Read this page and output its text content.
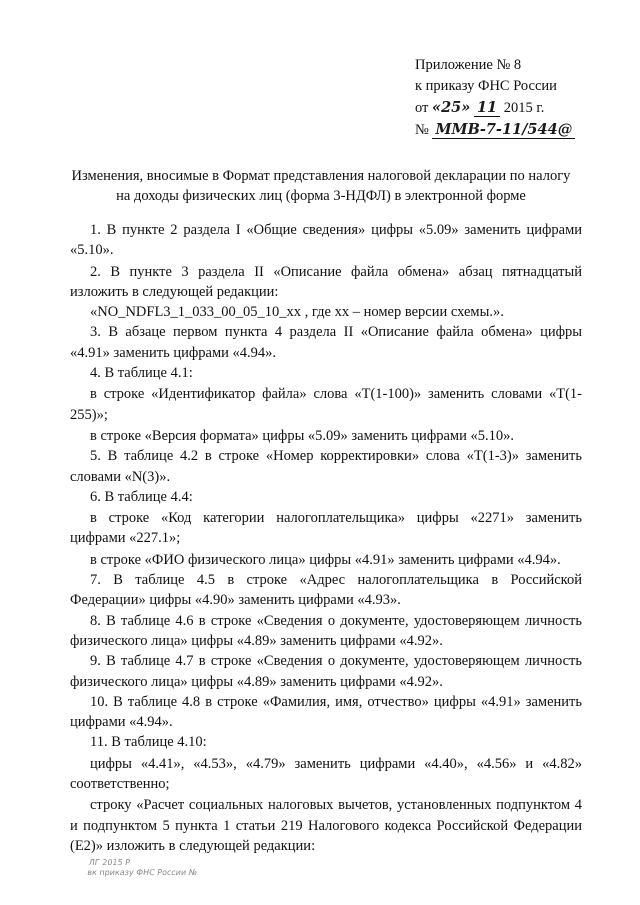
Приложение № 8
к приказу ФНС России
от «25» 11 2015 г.
№ ММВ-7-11/544@
Изменения, вносимые в Формат представления налоговой декларации по налогу
на доходы физических лиц (форма 3-НДФЛ) в электронной форме

1. В пункте 2 раздела I «Общие сведения» цифры «5.09» заменить цифрами «5.10».

2. В пункте 3 раздела II «Описание файла обмена» абзац пятнадцатый изложить в следующей редакции:

«NO_NDFL3_1_033_00_05_10_xx , где xx – номер версии схемы.».

3. В абзаце первом пункта 4 раздела II «Описание файла обмена» цифры «4.91» заменить цифрами «4.94».

4. В таблице 4.1:

в строке «Идентификатор файла» слова «Т(1-100)» заменить словами «Т(1-255)»;

в строке «Версия формата» цифры «5.09» заменить цифрами «5.10».

5. В таблице 4.2 в строке «Номер корректировки» слова «Т(1-3)» заменить словами «N(3)».

6. В таблице 4.4:

в строке «Код категории налогоплательщика» цифры «2271» заменить цифрами «227.1»;

в строке «ФИО физического лица» цифры «4.91» заменить цифрами «4.94».

7. В таблице 4.5 в строке «Адрес налогоплательщика в Российской Федерации» цифры «4.90» заменить цифрами «4.93».

8. В таблице 4.6 в строке «Сведения о документе, удостоверяющем личность физического лица» цифры «4.89» заменить цифрами «4.92».

9. В таблице 4.7 в строке «Сведения о документе, удостоверяющем личность физического лица» цифры «4.89» заменить цифрами «4.92».

10. В таблице 4.8 в строке «Фамилия, имя, отчество» цифры «4.91» заменить цифрами «4.94».

11. В таблице 4.10:

цифры «4.41», «4.53», «4.79» заменить цифрами «4.40», «4.56» и «4.82» соответственно;

строку «Расчет социальных налоговых вычетов, установленных подпунктом 4 и подпунктом 5 пункта 1 статьи 219 Налогового кодекса Российской Федерации (Е2)» изложить в следующей редакции:

ЛГ 2015 Р
вк приказу ФНС России №
